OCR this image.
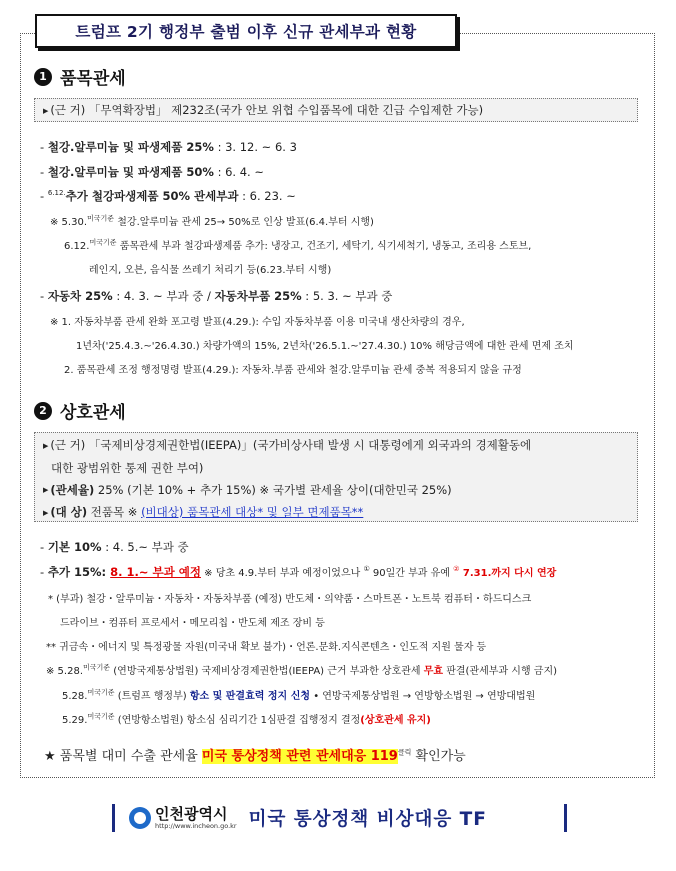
트럼프 2기 행정부 출범 이후 신규 관세부과 현황
1 품목관세
▶ (근 거) 「무역확장법」 제232조(국가 안보 위협 수입품목에 대한 긴급 수입제한 가능)
- 철강.알루미늄 및 파생제품 25% : 3. 12. ~ 6. 3
- 철강.알루미늄 및 파생제품 50% : 6. 4. ~
- $^{6.12.}$추가 철강파생제품 50% 관세부과 : 6. 23. ~
※ 5.30.$^{미국기준}$ 철강.알루미늄 관세 25→ 50%로 인상 발표(6.4.부터 시행)
6.12.$^{미국기준}$ 품목관세 부과 철강파생제품 추가: 냉장고, 건조기, 세탁기, 식기세척기, 냉동고, 조리용 스토브,
레인지, 오븐, 음식물 쓰레기 처리기 등(6.23.부터 시행)
- 자동차 25% : 4. 3. ~ 부과 중 / 자동차부품 25% : 5. 3. ~ 부과 중
※ 1. 자동차부품 관세 완화 포고령 발표(4.29.): 수입 자동차부품 이용 미국내 생산차량의 경우,
1년차('25.4.3.~'26.4.30.) 차량가액의 15%, 2년차('26.5.1.~'27.4.30.) 10% 해당금액에 대한 관세 면제 조치
2. 품목관세 조정 행정명령 발표(4.29.): 자동차.부품 관세와 철강.알루미늄 관세 중복 적용되지 않을 규정
2 상호관세
▶ (근 거) 「국제비상경제권한법(IEEPA)」(국가비상사태 발생 시 대통령에게 외국과의 경제활동에
대한 광범위한 통제 권한 부여)
▶ (관세율) 25% (기본 10% + 추가 15%) ※ 국가별 관세율 상이(대한민국 25%)
▶ (대 상) 전품목 ※ (비대상) 품목관세 대상* 및 일부 면제품목**
- 기본 10% : 4. 5.~ 부과 중
- 추가 15%: 8. 1.~ 부과 예정 ※ 당초 4.9.부터 부과 예정이었으나 ① 90일간 부과 유예 ② 7.31.까지 다시 연장
* (부과) 철강・알루미늄・자동차・자동차부품 (예정) 반도체・의약품・스마트폰・노트북 컴퓨터・하드디스크
드라이브・컴퓨터 프로세서・메모리칩・반도체 제조 장비 등
** 귀금속・에너지 및 특정광물 자원(미국내 확보 불가)・언론.문화.지식콘텐츠・인도적 지원 물자 등
※ 5.28.$^{미국기준}$ (연방국제통상법원) 국제비상경제권한법(IEEPA) 근거 부과한 상호관세 무효 판결(관세부과 시행 금지)
5.28.$^{미국기준}$ (트럼프 행정부) 항소 및 판결효력 정지 신청 • 연방국제통상법원 → 연방항소법원 → 연방대법원
5.29.$^{미국기준}$ (연방항소법원) 항소심 심리기간 1심판결 집행정지 결정(상호관세 유지)
★ 품목별 대미 수출 관세율 미국 통상정책 관련 관세대응 $119^{클릭}$ 확인가능
인천광역시
http://www.incheon.go.kr 미국 통상정책 비상대응 TF
